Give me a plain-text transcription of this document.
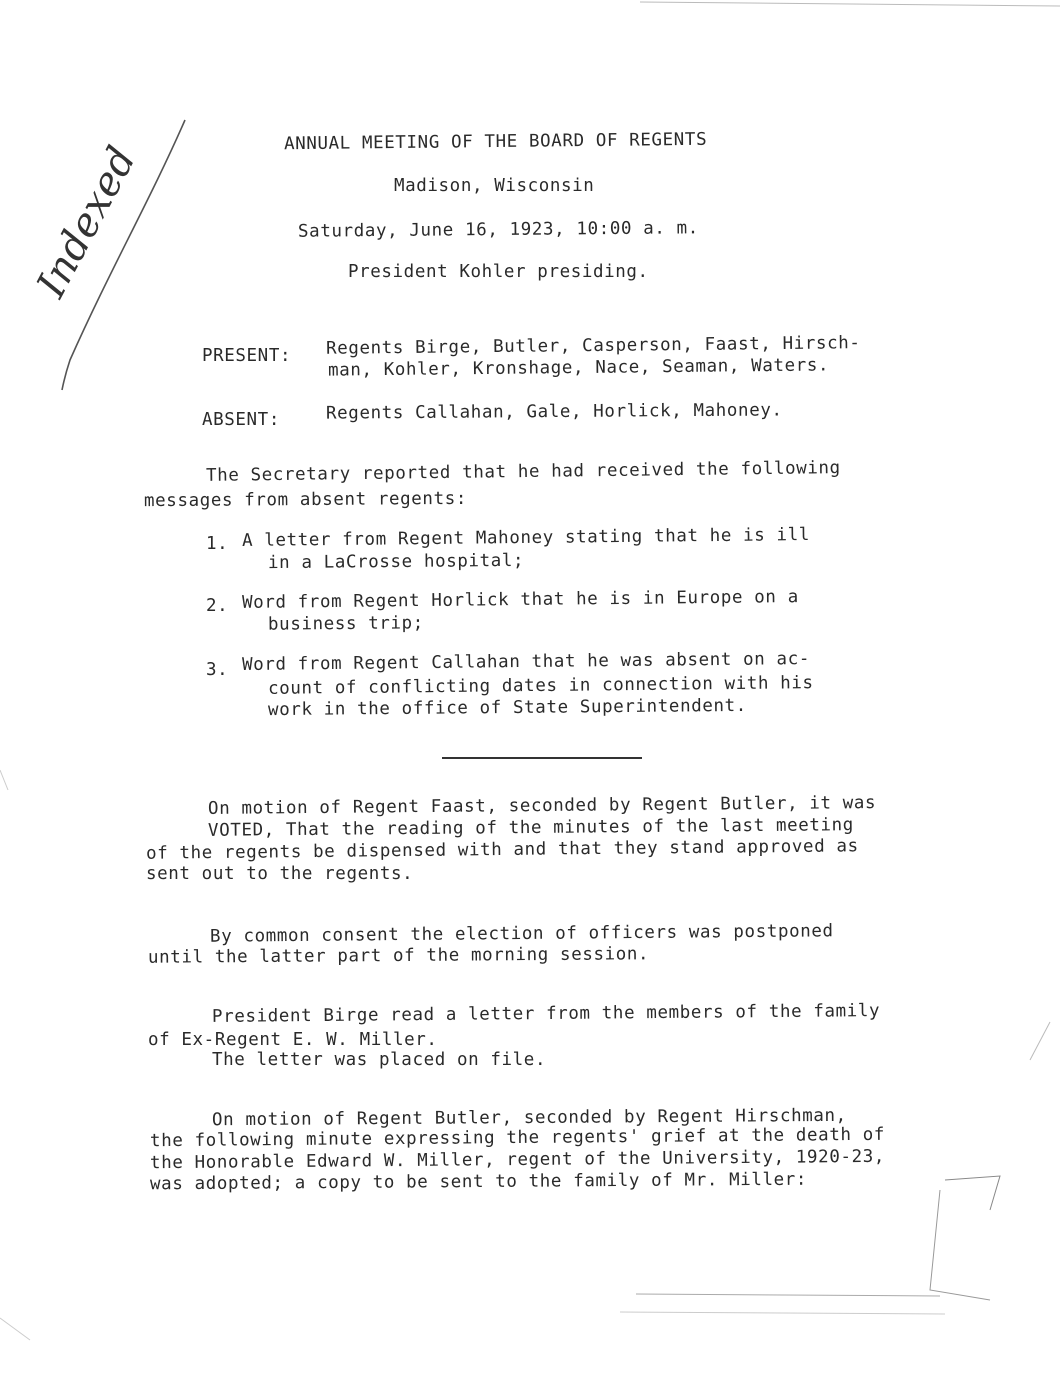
Indexed	ANNUAL MEETING OF THE BOARD OF REGENTS
Madison, Wisconsin
Saturday, June 16, 1923, 10:00 a. m.
President Kohler presiding.
PRESENT: Regents Birge, Butler, Casperson, Faast, Hirsch-
man, Kohler, Kronshage, Nace, Seaman, Waters.
ABSENT:	Regents Callahan, Gale, Horlick, Mahoney.
The Secretary reported that he had received the following
messages from absent regents:
1. A letter from Regent Mahoney stating that he is ill
in a LaCrosse hospital;
2. Word from Regent Horlick that he is in Europe on a
business trip;
3. Word from Regent Callahan that he was absent on ac-
count of conflicting dates in connection with his
work in the office of State Superintendent.
On motion of Regent Faast, seconded by Regent Butler, it was
VOTED, That the reading of the minutes of the last meeting
of the regents be dispensed with and that they stand approved as
sent out to the regents.
By common consent the election of officers was postponed
until the latter part of the morning session.
President Birge read a letter from the members of the family
of Ex-Regent E. W. Miller.
The letter was placed on file.
On motion of Regent Butler, seconded by Regent Hirschman,
the following minute expressing the regents' grief at the death of
the Honorable Edward W. Miller, regent of the University, 1920-23,
was adopted; a copy to be sent to the family of Mr. Miller:
